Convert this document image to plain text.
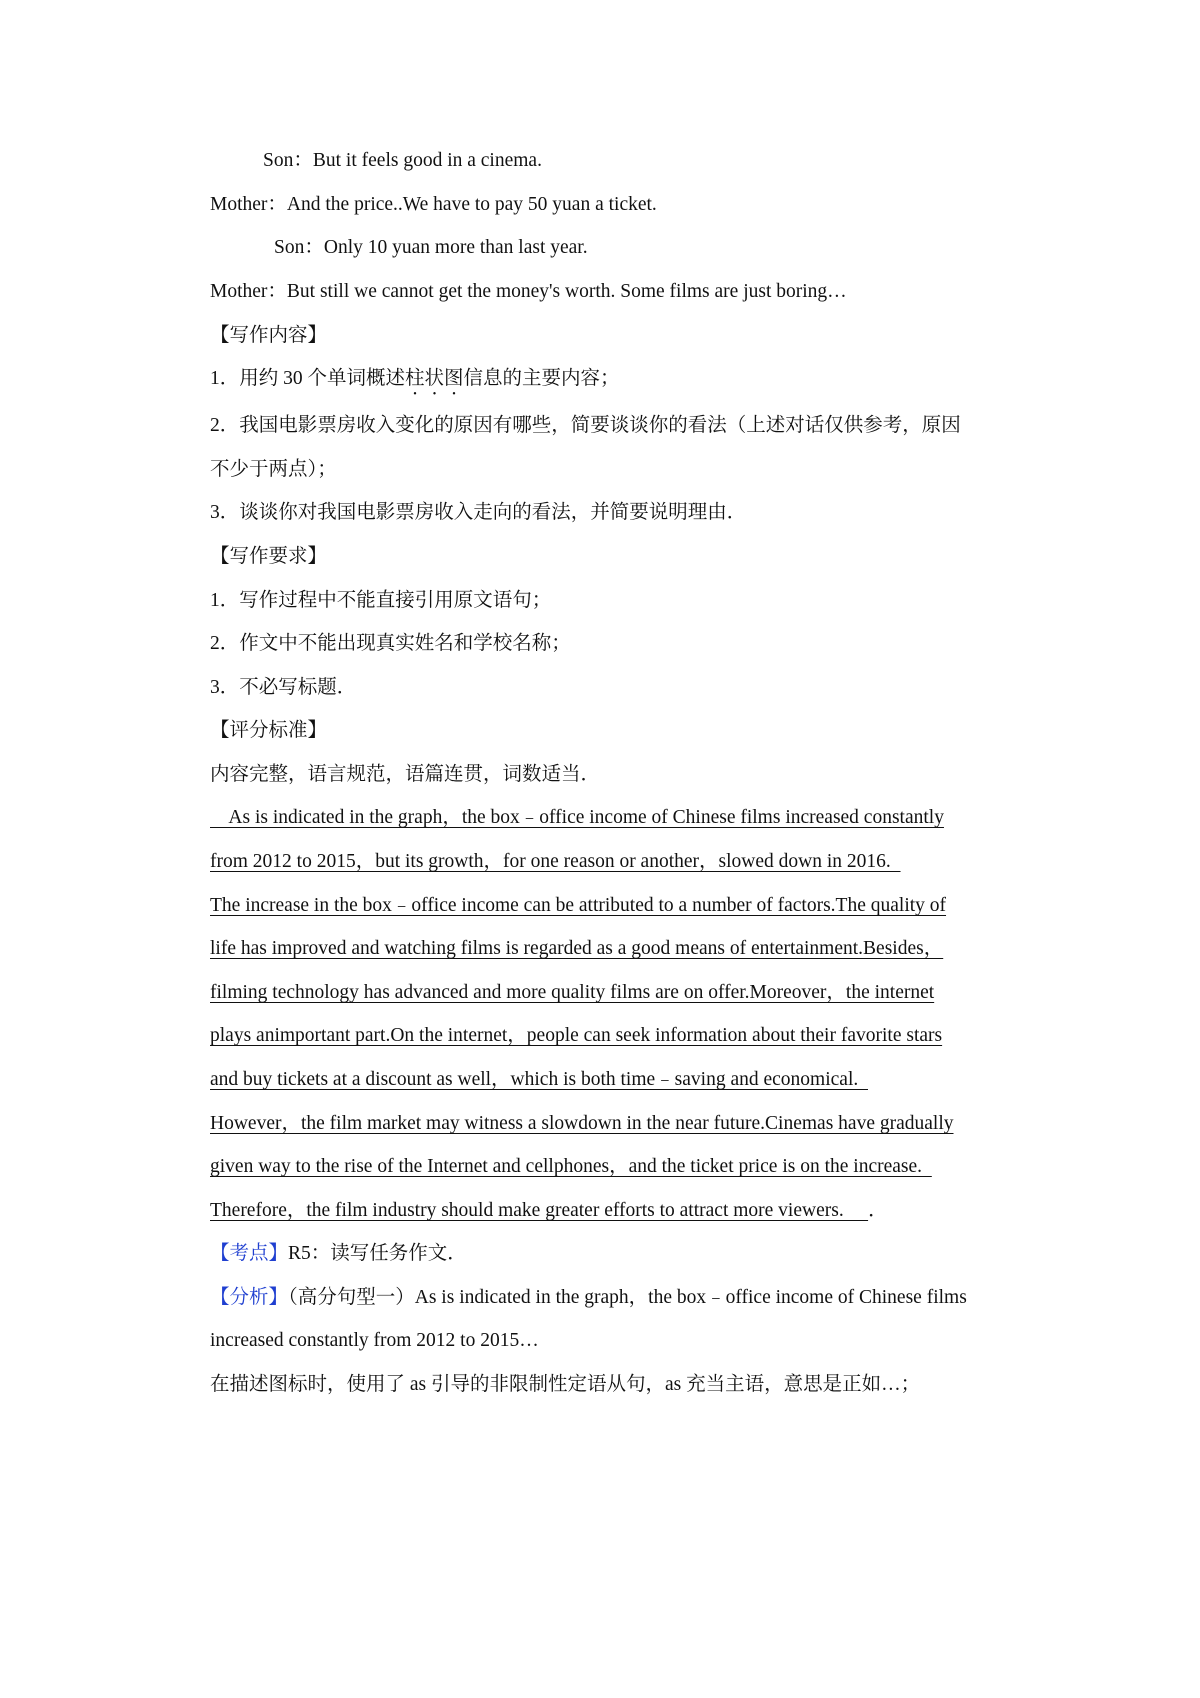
Son：But it feels good in a cinema.
Mother：And the price..We have to pay 50 yuan a ticket.
Son：Only 10 yuan more than last year.
Mother：But still we cannot get the money's worth. Some films are just boring…
【写作内容】
1．用约 30 个单词概述柱状图信息的主要内容；
2．我国电影票房收入变化的原因有哪些，简要谈谈你的看法（上述对话仅供参考，原因
不少于两点）；
3．谈谈你对我国电影票房收入走向的看法，并简要说明理由．
【写作要求】
1．写作过程中不能直接引用原文语句；
2．作文中不能出现真实姓名和学校名称；
3．不必写标题．
【评分标准】
内容完整，语言规范，语篇连贯，词数适当．
As is indicated in the graph，the box﹣office income of Chinese films increased constantly
from 2012 to 2015，but its growth，for one reason or another，slowed down in 2016.
The increase in the box﹣office income can be attributed to a number of factors.The quality of
life has improved and watching films is regarded as a good means of entertainment.Besides，
filming technology has advanced and more quality films are on offer.Moreover，the internet
plays animportant part.On the internet，people can seek information about their favorite stars
and buy tickets at a discount as well，which is both time﹣saving and economical.
However，the film market may witness a slowdown in the near future.Cinemas have gradually
given way to the rise of the Internet and cellphones，and the ticket price is on the increase.
Therefore，the film industry should make greater efforts to attract more viewers.     ．
【考点】R5：读写任务作文．
【分析】（高分句型一）As is indicated in the graph，the box﹣office income of Chinese films
increased constantly from 2012 to 2015…
在描述图标时，使用了 as 引导的非限制性定语从句，as 充当主语，意思是正如…；
